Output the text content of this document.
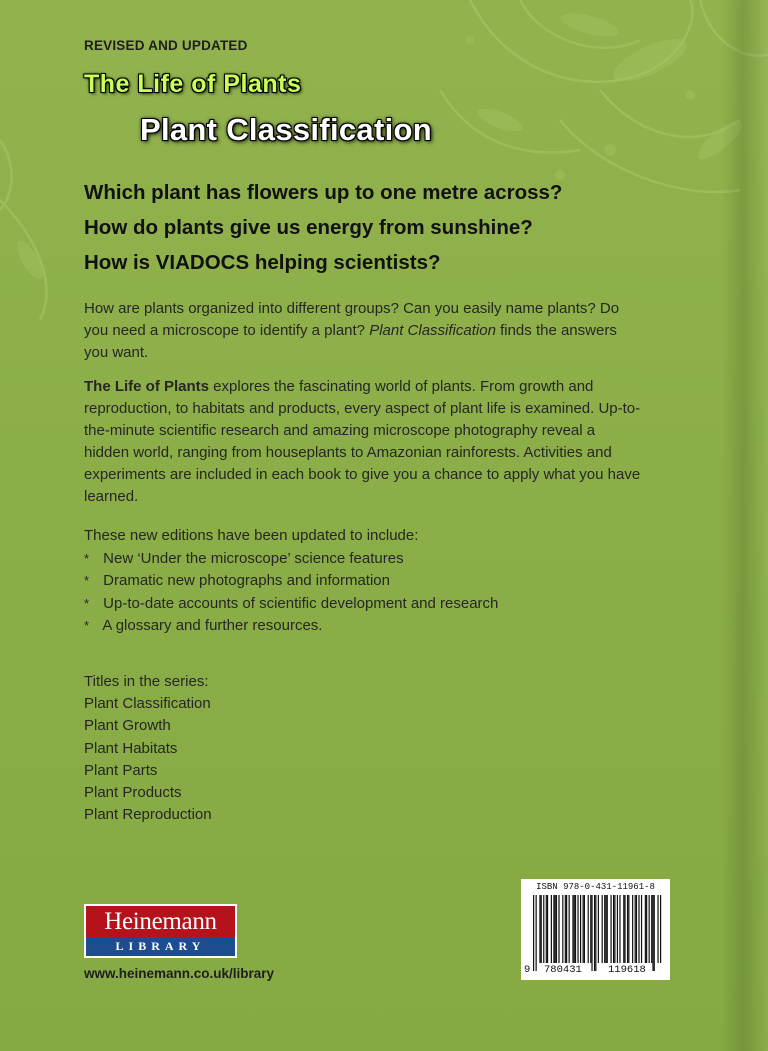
REVISED AND UPDATED
The Life of Plants
Plant Classification
Which plant has flowers up to one metre across?
How do plants give us energy from sunshine?
How is VIADOCS helping scientists?

How are plants organized into different groups? Can you easily name plants? Do you need a microscope to identify a plant? Plant Classification finds the answers you want.

The Life of Plants explores the fascinating world of plants. From growth and reproduction, to habitats and products, every aspect of plant life is examined. Up-to-the-minute scientific research and amazing microscope photography reveal a hidden world, ranging from houseplants to Amazonian rainforests. Activities and experiments are included in each book to give you a chance to apply what you have learned.

These new editions have been updated to include:

* New ‘Under the microscope’ science features
* Dramatic new photographs and information
* Up-to-date accounts of scientific development and research
* A glossary and further resources.
Titles in the series:
Plant Classification
Plant Growth
Plant Habitats
Plant Parts
Plant Products
Plant Reproduction
Heinemann
LIBRARY
www.heinemann.co.uk/library
ISBN 978-0-431-11961-8
9 780431 119618
